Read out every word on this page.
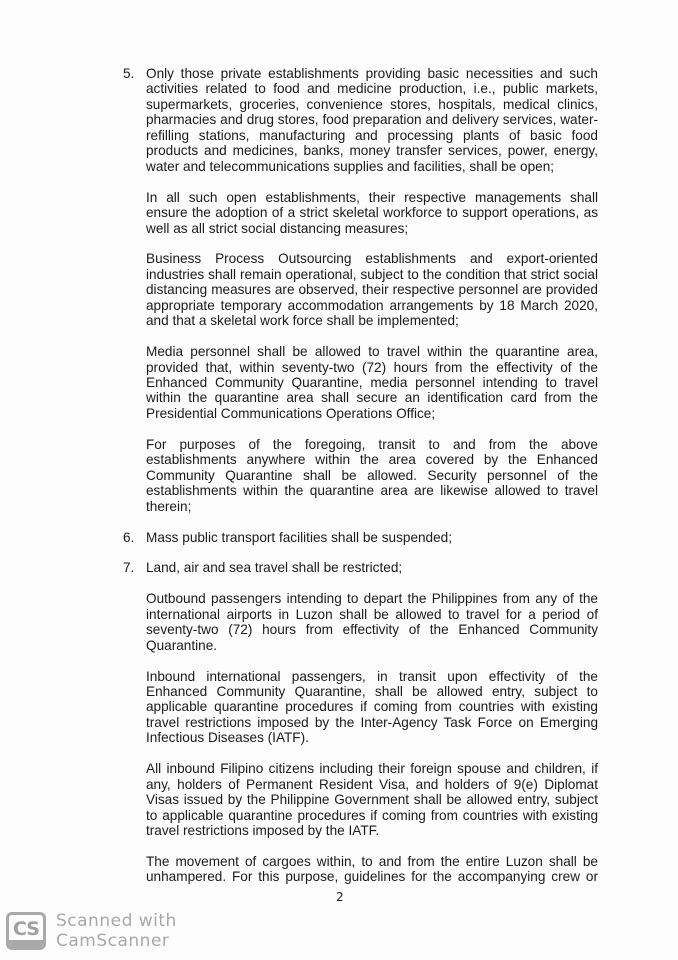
5. Only those private establishments providing basic necessities and such activities related to food and medicine production, i.e., public markets, supermarkets, groceries, convenience stores, hospitals, medical clinics, pharmacies and drug stores, food preparation and delivery services, water-refilling stations, manufacturing and processing plants of basic food products and medicines, banks, money transfer services, power, energy, water and telecommunications supplies and facilities, shall be open;

In all such open establishments, their respective managements shall ensure the adoption of a strict skeletal workforce to support operations, as well as all strict social distancing measures;

Business Process Outsourcing establishments and export-oriented industries shall remain operational, subject to the condition that strict social distancing measures are observed, their respective personnel are provided appropriate temporary accommodation arrangements by 18 March 2020, and that a skeletal work force shall be implemented;

Media personnel shall be allowed to travel within the quarantine area, provided that, within seventy-two (72) hours from the effectivity of the Enhanced Community Quarantine, media personnel intending to travel within the quarantine area shall secure an identification card from the Presidential Communications Operations Office;

For purposes of the foregoing, transit to and from the above establishments anywhere within the area covered by the Enhanced Community Quarantine shall be allowed. Security personnel of the establishments within the quarantine area are likewise allowed to travel therein;

6. Mass public transport facilities shall be suspended;

7. Land, air and sea travel shall be restricted;

Outbound passengers intending to depart the Philippines from any of the international airports in Luzon shall be allowed to travel for a period of seventy-two (72) hours from effectivity of the Enhanced Community Quarantine.

Inbound international passengers, in transit upon effectivity of the Enhanced Community Quarantine, shall be allowed entry, subject to applicable quarantine procedures if coming from countries with existing travel restrictions imposed by the Inter-Agency Task Force on Emerging Infectious Diseases (IATF).

All inbound Filipino citizens including their foreign spouse and children, if any, holders of Permanent Resident Visa, and holders of 9(e) Diplomat Visas issued by the Philippine Government shall be allowed entry, subject to applicable quarantine procedures if coming from countries with existing travel restrictions imposed by the IATF.

The movement of cargoes within, to and from the entire Luzon shall be unhampered. For this purpose, guidelines for the accompanying crew or

2
CS Scanned with
CamScanner
